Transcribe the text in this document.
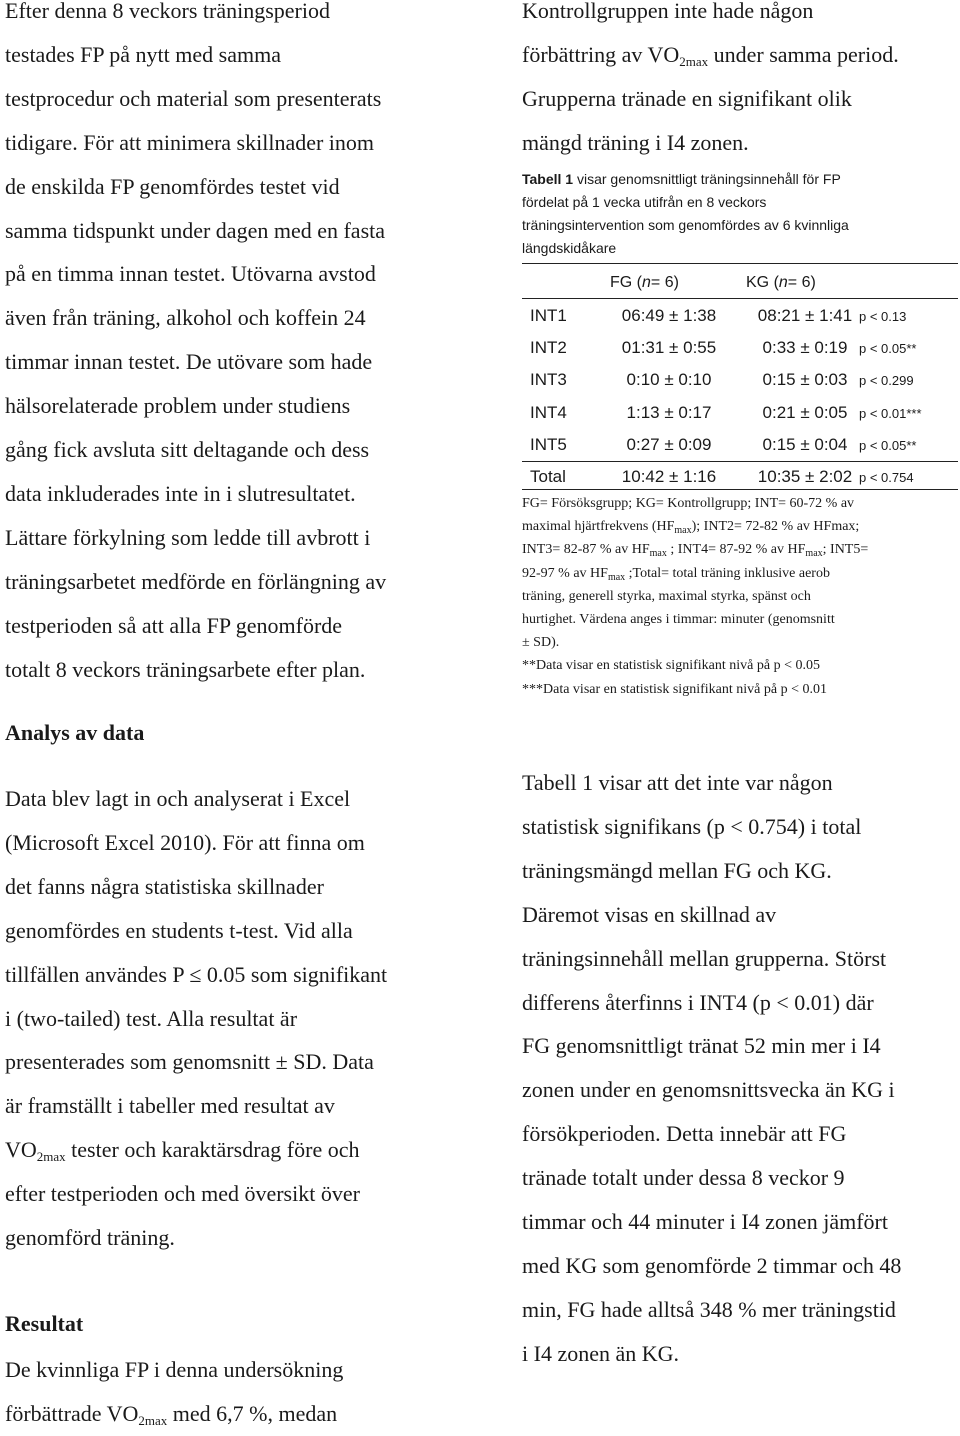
Efter denna 8 veckors träningsperiod

testades FP på nytt med samma

testprocedur och material som presenterats

tidigare. För att minimera skillnader inom

de enskilda FP genomfördes testet vid

samma tidspunkt under dagen med en fasta

på en timma innan testet. Utövarna avstod

även från träning, alkohol och koffein 24

timmar innan testet. De utövare som hade

hälsorelaterade problem under studiens

gång fick avsluta sitt deltagande och dess

data inkluderades inte in i slutresultatet.

Lättare förkylning som ledde till avbrott i

träningsarbetet medförde en förlängning av

testperioden så att alla FP genomförde

totalt 8 veckors träningsarbete efter plan.

Analys av data

Data blev lagt in och analyserat i Excel

(Microsoft Excel 2010). För att finna om

det fanns några statistiska skillnader

genomfördes en students t-test. Vid alla

tillfällen användes P ≤ 0.05 som signifikant

i (two-tailed) test. Alla resultat är

presenterades som genomsnitt ± SD. Data

är framställt i tabeller med resultat av

$VO_{2max}$ tester och karaktärsdrag före och

efter testperioden och med översikt över

genomförd träning.

Resultat

De kvinnliga FP i denna undersökning

förbättrade $VO_{2max}$ med 6,7 %, medan

Kontrollgruppen inte hade någon

förbättring av $VO_{2max}$ under samma period.

Grupperna tränade en signifikant olik

mängd träning i I4 zonen.

Tabell 1 visar genomsnittligt träningsinnehåll för FP

fördelat på 1 vecka utifrån en 8 veckors

träningsintervention som genomfördes av 6 kvinnliga

längdskidåkare

FG (n= 6)	KG (n= 6)
INT1	06:49 ± 1:38	08:21 ± 1:41 p < 0.13
INT2	01:31 ± 0:55	0:33 ± 0:19 p < 0.05**
INT3	0:10 ± 0:10	0:15 ± 0:03 p < 0.299
INT4	1:13 ± 0:17	0:21 ± 0:05 p < 0.01***
INT5	0:27 ± 0:09	0:15 ± 0:04 p < 0.05**
Total	10:42 ± 1:16	10:35 ± 2:02 p < 0.754
FG= Försöksgrupp; KG= Kontrollgrupp; INT= 60-72 % av
maximal hjärtfrekvens $(HF_{max})$; INT2= 72-82 % av HFmax;
INT3= 82-87 % av $HF_{max}$ ; INT4= 87-92 % av $HF_{max}$; INT5=
92-97 % av $HF_{max}$ ;Total= total träning inklusive aerob
träning, generell styrka, maximal styrka, spänst och
hurtighet. Värdena anges i timmar: minuter (genomsnitt
± SD).
**Data visar en statistisk signifikant nivå på p < 0.05
***Data visar en statistisk signifikant nivå på p < 0.01

Tabell 1 visar att det inte var någon

statistisk signifikans (p < 0.754) i total

träningsmängd mellan FG och KG.

Däremot visas en skillnad av

träningsinnehåll mellan grupperna. Störst

differens återfinns i INT4 (p < 0.01) där

FG genomsnittligt tränat 52 min mer i I4

zonen under en genomsnittsvecka än KG i

försökperioden. Detta innebär att FG

tränade totalt under dessa 8 veckor 9

timmar och 44 minuter i I4 zonen jämfört

med KG som genomförde 2 timmar och 48

min, FG hade alltså 348 % mer träningstid

i I4 zonen än KG.
